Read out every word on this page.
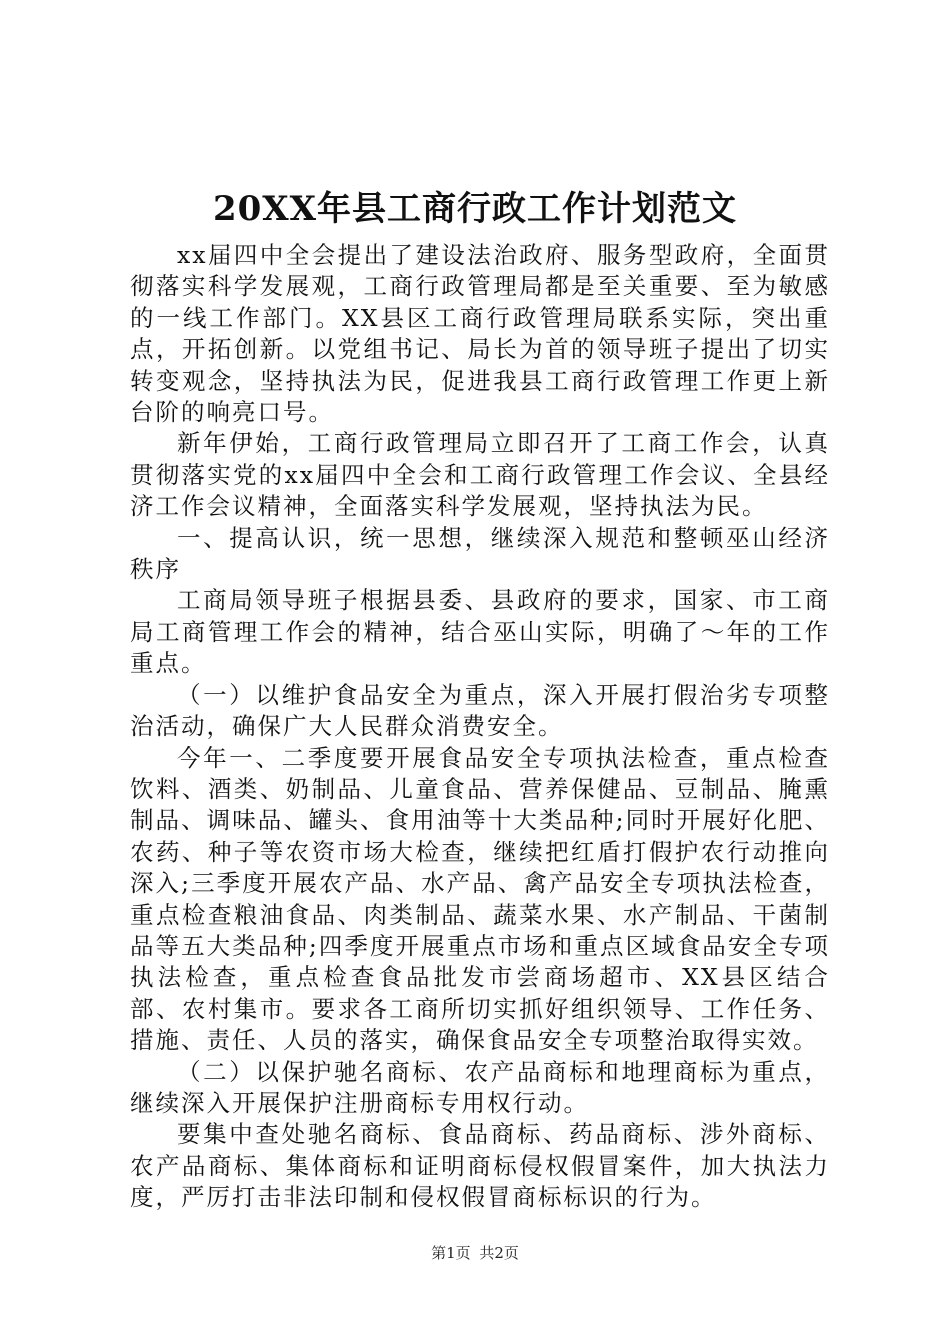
20XX年县工商行政工作计划范文

xx届四中全会提出了建设法治政府、服务型政府，全面贯彻落实科学发展观，工商行政管理局都是至关重要、至为敏感的一线工作部门。XX县区工商行政管理局联系实际，突出重点，开拓创新。以党组书记、局长为首的领导班子提出了切实转变观念，坚持执法为民，促进我县工商行政管理工作更上新台阶的响亮口号。

新年伊始，工商行政管理局立即召开了工商工作会，认真贯彻落实党的xx届四中全会和工商行政管理工作会议、全县经济工作会议精神，全面落实科学发展观，坚持执法为民。

一、提高认识，统一思想，继续深入规范和整顿巫山经济秩序

工商局领导班子根据县委、县政府的要求，国家、市工商局工商管理工作会的精神，结合巫山实际，明确了～年的工作重点。

（一）以维护食品安全为重点，深入开展打假治劣专项整治活动，确保广大人民群众消费安全。

今年一、二季度要开展食品安全专项执法检查，重点检查饮料、酒类、奶制品、儿童食品、营养保健品、豆制品、腌熏制品、调味品、罐头、食用油等十大类品种;同时开展好化肥、农药、种子等农资市场大检查，继续把红盾打假护农行动推向深入;三季度开展农产品、水产品、禽产品安全专项执法检查，重点检查粮油食品、肉类制品、蔬菜水果、水产制品、干菌制品等五大类品种;四季度开展重点市场和重点区域食品安全专项执法检查，重点检查食品批发市尝商场超市、XX县区结合部、农村集市。要求各工商所切实抓好组织领导、工作任务、措施、责任、人员的落实，确保食品安全专项整治取得实效。

（二）以保护驰名商标、农产品商标和地理商标为重点，继续深入开展保护注册商标专用权行动。

要集中查处驰名商标、食品商标、药品商标、涉外商标、农产品商标、集体商标和证明商标侵权假冒案件，加大执法力度，严厉打击非法印制和侵权假冒商标标识的行为。

第1页 共2页
